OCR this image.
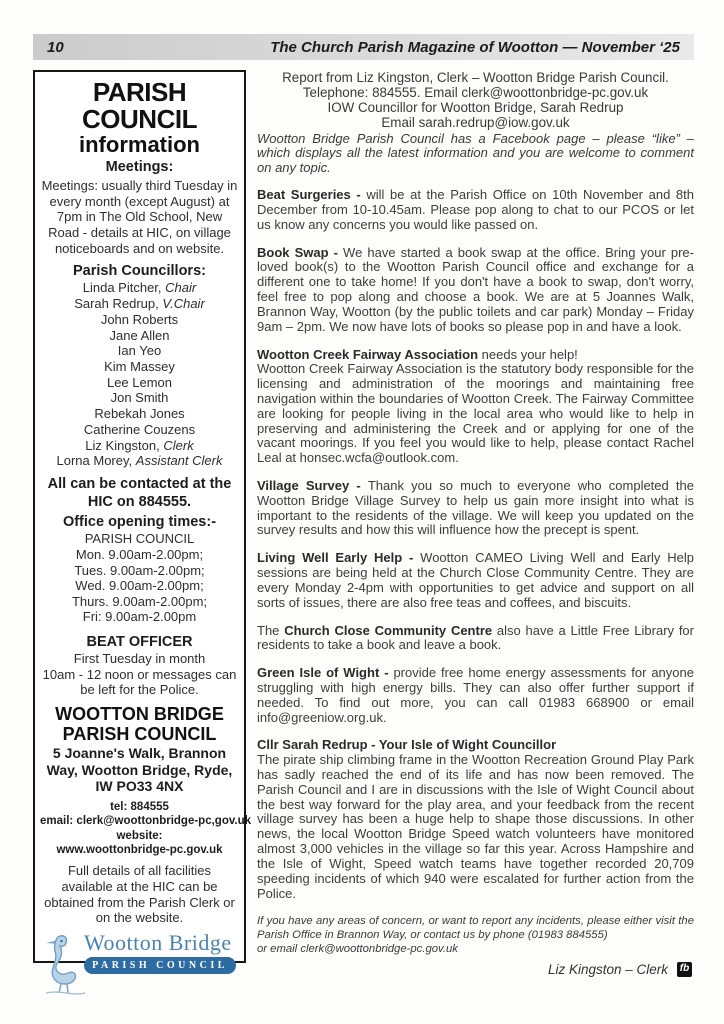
10	The Church Parish Magazine of Wootton — November ‘25
PARISH COUNCIL
information
Meetings:

Meetings: usually third Tuesday in every month (except August) at 7pm in The Old School, New Road - details at HIC, on village noticeboards and on website.

Parish Councillors:
Linda Pitcher, Chair
Sarah Redrup, V.Chair
John Roberts
Jane Allen
Ian Yeo
Kim Massey
Lee Lemon
Jon Smith
Rebekah Jones
Catherine Couzens
Liz Kingston, Clerk
Lorna Morey, Assistant Clerk
All can be contacted at the HIC on 884555.
Office opening times:-
PARISH COUNCIL
Mon. 9.00am-2.00pm;
Tues. 9.00am-2.00pm;
Wed. 9.00am-2.00pm;
Thurs. 9.00am-2.00pm;
Fri: 9.00am-2.00pm
BEAT OFFICER
First Tuesday in month
10am - 12 noon or messages can be left for the Police.
WOOTTON BRIDGE PARISH COUNCIL
5 Joanne's Walk, Brannon Way, Wootton Bridge, Ryde, IW PO33 4NX
tel: 884555
email: clerk@woottonbridge-pc,gov.uk
website:
www.woottonbridge-pc.gov.uk

Full details of all facilities available at the HIC can be obtained from the Parish Clerk or on the website.

Wootton Bridge
PARISH COUNCIL
Report from Liz Kingston, Clerk – Wootton Bridge Parish Council.
Telephone: 884555. Email clerk@woottonbridge-pc.gov.uk
IOW Councillor for Wootton Bridge, Sarah Redrup
Email sarah.redrup@iow.gov.uk

Wootton Bridge Parish Council has a Facebook page – please “like” – which displays all the latest information and you are welcome to comment on any topic.

Beat Surgeries - will be at the Parish Office on 10th November and 8th December from 10-10.45am. Please pop along to chat to our PCOS or let us know any concerns you would like passed on.

Book Swap - We have started a book swap at the office. Bring your pre-loved book(s) to the Wootton Parish Council office and exchange for a different one to take home! If you don't have a book to swap, don't worry, feel free to pop along and choose a book. We are at 5 Joannes Walk, Brannon Way, Wootton (by the public toilets and car park) Monday – Friday 9am – 2pm. We now have lots of books so please pop in and have a look.

Wootton Creek Fairway Association needs your help!
Wootton Creek Fairway Association is the statutory body responsible for the licensing and administration of the moorings and maintaining free navigation within the boundaries of Wootton Creek. The Fairway Committee are looking for people living in the local area who would like to help in preserving and administering the Creek and or applying for one of the vacant moorings. If you feel you would like to help, please contact Rachel Leal at honsec.wcfa@outlook.com.

Village Survey - Thank you so much to everyone who completed the Wootton Bridge Village Survey to help us gain more insight into what is important to the residents of the village. We will keep you updated on the survey results and how this will influence how the precept is spent.

Living Well Early Help - Wootton CAMEO Living Well and Early Help sessions are being held at the Church Close Community Centre. They are every Monday 2-4pm with opportunities to get advice and support on all sorts of issues, there are also free teas and coffees, and biscuits.

The Church Close Community Centre also have a Little Free Library for residents to take a book and leave a book.

Green Isle of Wight - provide free home energy assessments for anyone struggling with high energy bills. They can also offer further support if needed. To find out more, you can call 01983 668900 or email info@greeniow.org.uk.

Cllr Sarah Redrup - Your Isle of Wight Councillor
The pirate ship climbing frame in the Wootton Recreation Ground Play Park has sadly reached the end of its life and has now been removed. The Parish Council and I are in discussions with the Isle of Wight Council about the best way forward for the play area, and your feedback from the recent village survey has been a huge help to shape those discussions. In other news, the local Wootton Bridge Speed watch volunteers have monitored almost 3,000 vehicles in the village so far this year. Across Hampshire and the Isle of Wight, Speed watch teams have together recorded 20,709 speeding incidents of which 940 were escalated for further action from the Police.

If you have any areas of concern, or want to report any incidents, please either visit the Parish Office in Brannon Way, or contact us by phone (01983 884555)

or email clerk@woottonbridge-pc.gov.uk

Liz Kingston – Clerk fb
